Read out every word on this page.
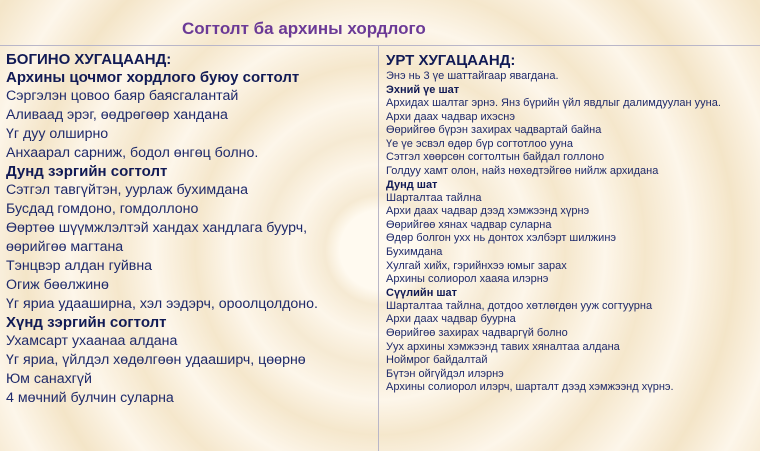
Согтолт ба архины хордлого
БОГИНО ХУГАЦААНД:
Архины цочмог хордлого буюу согтолт
Сэргэлэн цовоо баяр баясгалантай
Аливаад эрэг, өөдрөгөөр хандана
Үг дуу олширно
Анхаарал сарниж, бодол өнгөц болно.
Дунд зэргийн согтолт
Сэтгэл тавгүйтэн, уурлаж бухимдана
Бусдад гомдоно, гомдоллоно
Өөртөө шүүмжлэлтэй хандах хандлага буурч,
өөрийгөө магтана
Тэнцвэр алдан гуйвна
Огиж бөөлжинө
Үг яриа удааширна, хэл ээдэрч, ороолцолдоно.
Хүнд зэргийн согтолт
Ухамсарт ухаанаа алдана
Үг яриа, үйлдэл хөдөлгөөн удааширч, цөөрнө
Юм санахгүй
4 мөчний булчин суларна
УРТ ХУГАЦААНД:
Энэ нь 3 үе шаттайгаар явагдана.
Эхний үе шат
Архидах шалтаг эрнэ. Янз бүрийн үйл явдлыг далимдуулан ууна.
Архи даах чадвар ихэснэ
Өөрийгөө бүрэн захирах чадвартай байна
Үе үе эсвэл өдөр бүр согтотлоо ууна
Сэтгэл хөөрсөн согтолтын байдал голлоно
Голдуу хамт олон, найз нөхөдтэйгөө нийлж архидана
Дунд шат
Шарталтаа тайлна
Архи даах чадвар дээд хэмжээнд хүрнэ
Өөрийгөө хянах чадвар суларна
Өдөр болгон ухх нь донтох хэлбэрт шилжинэ
Бухимдана
Хулгай хийх, гэрийнхээ юмыг зарах
Архины солиорол хааяа илэрнэ
Сүүлийн шат
Шарталтаа тайлна, дотдоо хөтлөгдөн ууж согтуурна
Архи даах чадвар буурна
Өөрийгөө захирах чадваргүй болно
Уух архины хэмжээнд тавих хяналтаа алдана
Ноймрог байдалтай
Бүтэн ойгүйдэл илэрнэ
Архины солиорол илэрч, шарталт дээд хэмжээнд хүрнэ.
